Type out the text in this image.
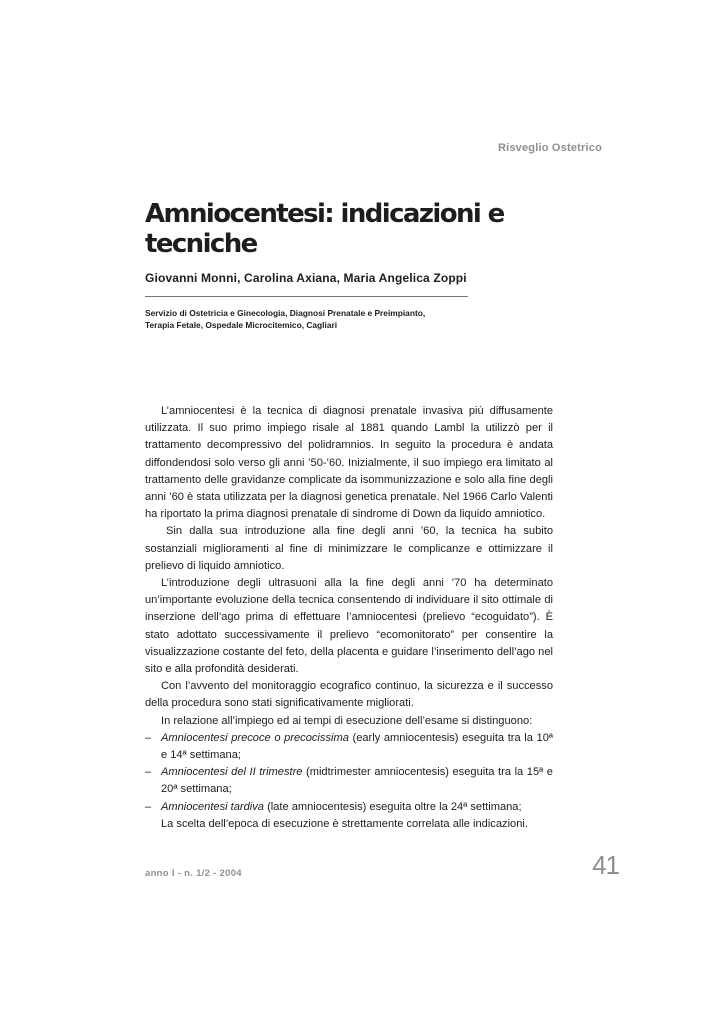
Risveglio Ostetrico
Amniocentesi: indicazioni e tecniche
Giovanni Monni, Carolina Axiana, Maria Angelica Zoppi
Servizio di Ostetricia e Ginecologia, Diagnosi Prenatale e Preimpianto,
Terapia Fetale, Ospedale Microcitemico, Cagliari

L’amniocentesi è la tecnica di diagnosi prenatale invasiva più diffusamente utilizzata. Il suo primo impiego risale al 1881 quando Lambl la utilizzò per il trattamento decompressivo del polidramnios. In seguito la procedura è andata diffondendosi solo verso gli anni ’50-’60. Inizialmente, il suo impiego era limitato al trattamento delle gravidanze complicate da isommunizzazione e solo alla fine degli anni ’60 è stata utilizzata per la diagnosi genetica prenatale. Nel 1966 Carlo Valenti ha riportato la prima diagnosi prenatale di sindrome di Down da liquido amniotico.

Sin dalla sua introduzione alla fine degli anni ’60, la tecnica ha subito sostanziali miglioramenti al fine di minimizzare le complicanze e ottimizzare il prelievo di liquido amniotico.

L’introduzione degli ultrasuoni alla la fine degli anni ’70 ha determinato un’importante evoluzione della tecnica consentendo di individuare il sito ottimale di inserzione dell’ago prima di effettuare l’amniocentesi (prelievo “ecoguidato”). È stato adottato successivamente il prelievo “ecomonitorato” per consentire la visualizzazione costante del feto, della placenta e guidare l’inserimento dell’ago nel sito e alla profondità desiderati.

Con l’avvento del monitoraggio ecografico continuo, la sicurezza e il successo della procedura sono stati significativamente migliorati.

In relazione all’impiego ed ai tempi di esecuzione dell’esame si distinguono:

– Amniocentesi precoce o precocissima (early amniocentesis) eseguita tra la 10ª e 14ª settimana;
– Amniocentesi del II trimestre (midtrimester amniocentesis) eseguita tra la 15ª e 20ª settimana;
– Amniocentesi tardiva (late amniocentesis) eseguita oltre la 24ª settimana;

La scelta dell’epoca di esecuzione è strettamente correlata alle indicazioni.

anno I - n. 1/2 - 2004	41
